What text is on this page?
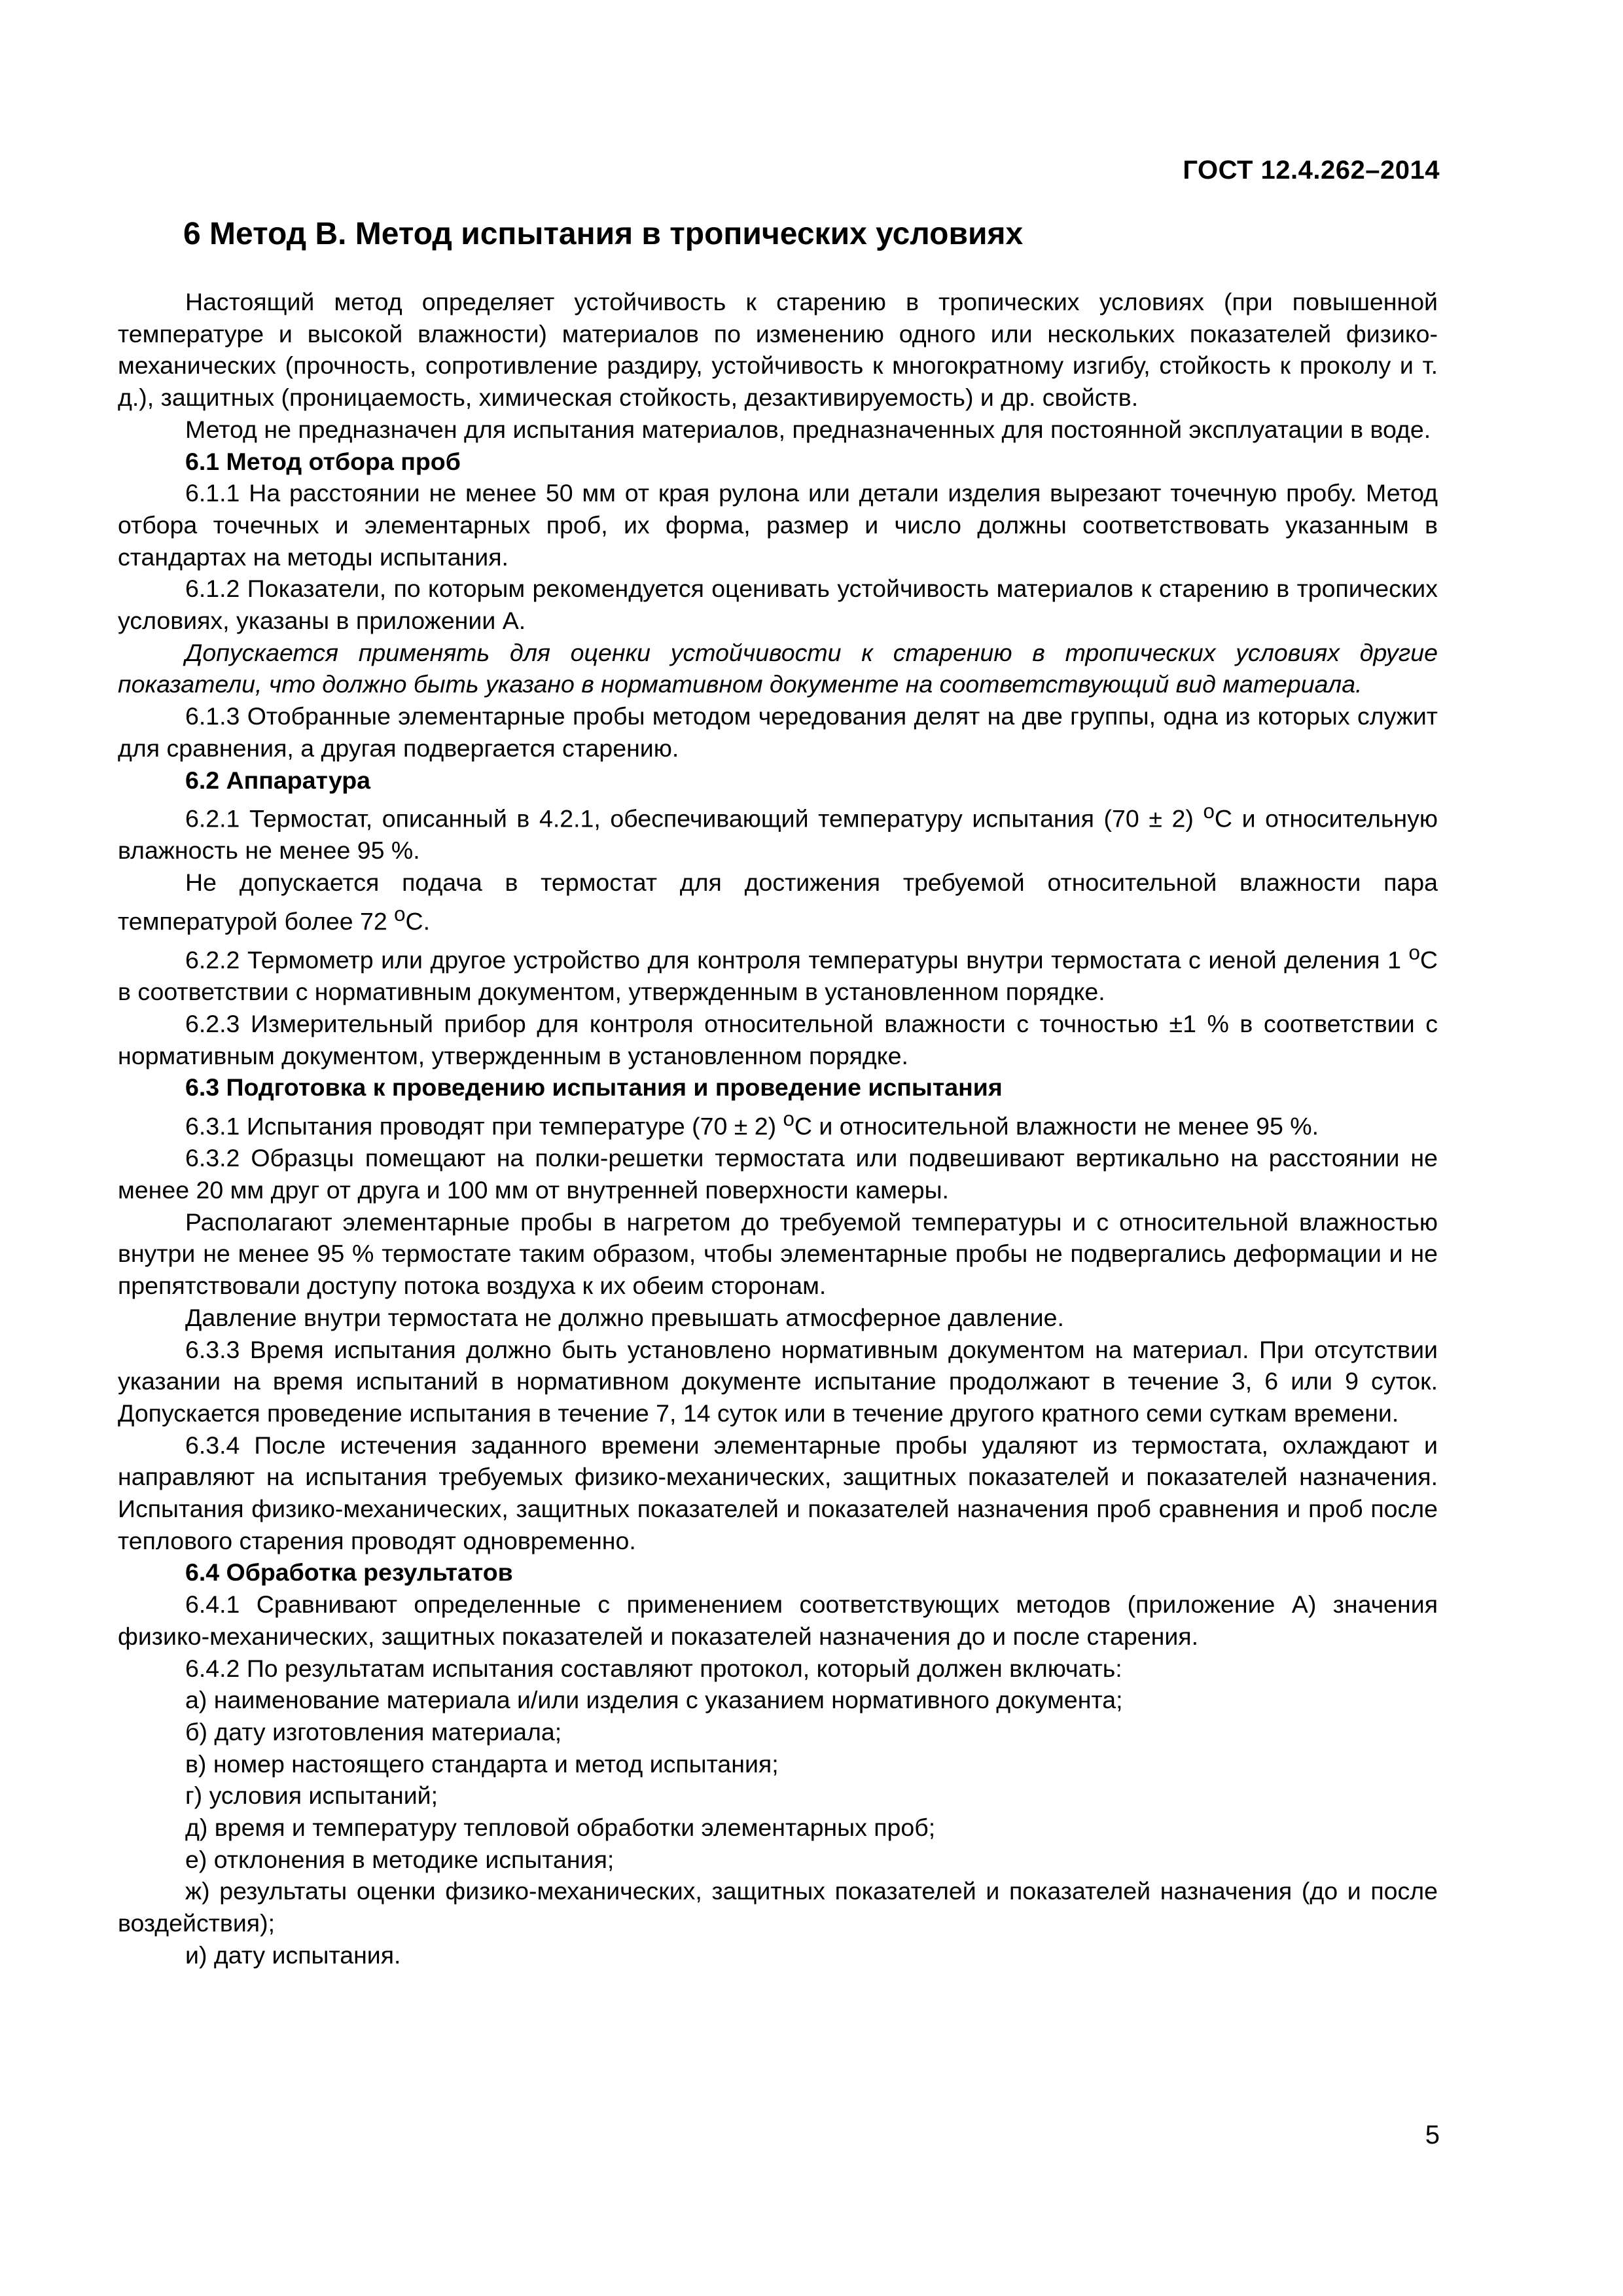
ГОСТ 12.4.262–2014
6 Метод В. Метод испытания в тропических условиях

Настоящий метод определяет устойчивость к старению в тропических условиях (при повышенной температуре и высокой влажности) материалов по изменению одного или нескольких показателей физико-механических (прочность, сопротивление раздиру, устойчивость к многократному изгибу, стойкость к проколу и т. д.), защитных (проницаемость, химическая стойкость, дезактивируемость) и др. свойств.

Метод не предназначен для испытания материалов, предназначенных для постоянной эксплуатации в воде.

6.1 Метод отбора проб

6.1.1 На расстоянии не менее 50 мм от края рулона или детали изделия вырезают точечную пробу. Метод отбора точечных и элементарных проб, их форма, размер и число должны соответствовать указанным в стандартах на методы испытания.

6.1.2 Показатели, по которым рекомендуется оценивать устойчивость материалов к старению в тропических условиях, указаны в приложении А.

Допускается применять для оценки устойчивости к старению в тропических условиях другие показатели, что должно быть указано в нормативном документе на соответствующий вид материала.

6.1.3 Отобранные элементарные пробы методом чередования делят на две группы, одна из которых служит для сравнения, а другая подвергается старению.

6.2 Аппаратура

6.2.1 Термостат, описанный в 4.2.1, обеспечивающий температуру испытания (70 ± 2) $^o$C и относительную влажность не менее 95 %.

Не допускается подача в термостат для достижения требуемой относительной влажности пара температурой более 72 $^o$С.

6.2.2 Термометр или другое устройство для контроля температуры внутри термостата с иеной деления 1 $^o$С в соответствии с нормативным документом, утвержденным в установленном порядке.

6.2.3 Измерительный прибор для контроля относительной влажности с точностью ±1 % в соответствии с нормативным документом, утвержденным в установленном порядке.

6.3 Подготовка к проведению испытания и проведение испытания

6.3.1 Испытания проводят при температуре (70 ± 2) $^o$С и относительной влажности не менее 95 %.

6.3.2 Образцы помещают на полки-решетки термостата или подвешивают вертикально на расстоянии не менее 20 мм друг от друга и 100 мм от внутренней поверхности камеры.

Располагают элементарные пробы в нагретом до требуемой температуры и с относительной влажностью внутри не менее 95 % термостате таким образом, чтобы элементарные пробы не подвергались деформации и не препятствовали доступу потока воздуха к их обеим сторонам.

Давление внутри термостата не должно превышать атмосферное давление.

6.3.3 Время испытания должно быть установлено нормативным документом на материал. При отсутствии указании на время испытаний в нормативном документе испытание продолжают в течение 3, 6 или 9 суток. Допускается проведение испытания в течение 7, 14 суток или в течение другого кратного семи суткам времени.

6.3.4 После истечения заданного времени элементарные пробы удаляют из термостата, охлаждают и направляют на испытания требуемых физико-механических, защитных показателей и показателей назначения. Испытания физико-механических, защитных показателей и показателей назначения проб сравнения и проб после теплового старения проводят одновременно.

6.4 Обработка результатов

6.4.1 Сравнивают определенные с применением соответствующих методов (приложение А) значения физико-механических, защитных показателей и показателей назначения до и после старения.

6.4.2 По результатам испытания составляют протокол, который должен включать:

а) наименование материала и/или изделия с указанием нормативного документа;

б) дату изготовления материала;

в) номер настоящего стандарта и метод испытания;

г) условия испытаний;

д) время и температуру тепловой обработки элементарных проб;

е) отклонения в методике испытания;

ж) результаты оценки физико-механических, защитных показателей и показателей назначения (до и после воздействия);

и) дату испытания.

5
